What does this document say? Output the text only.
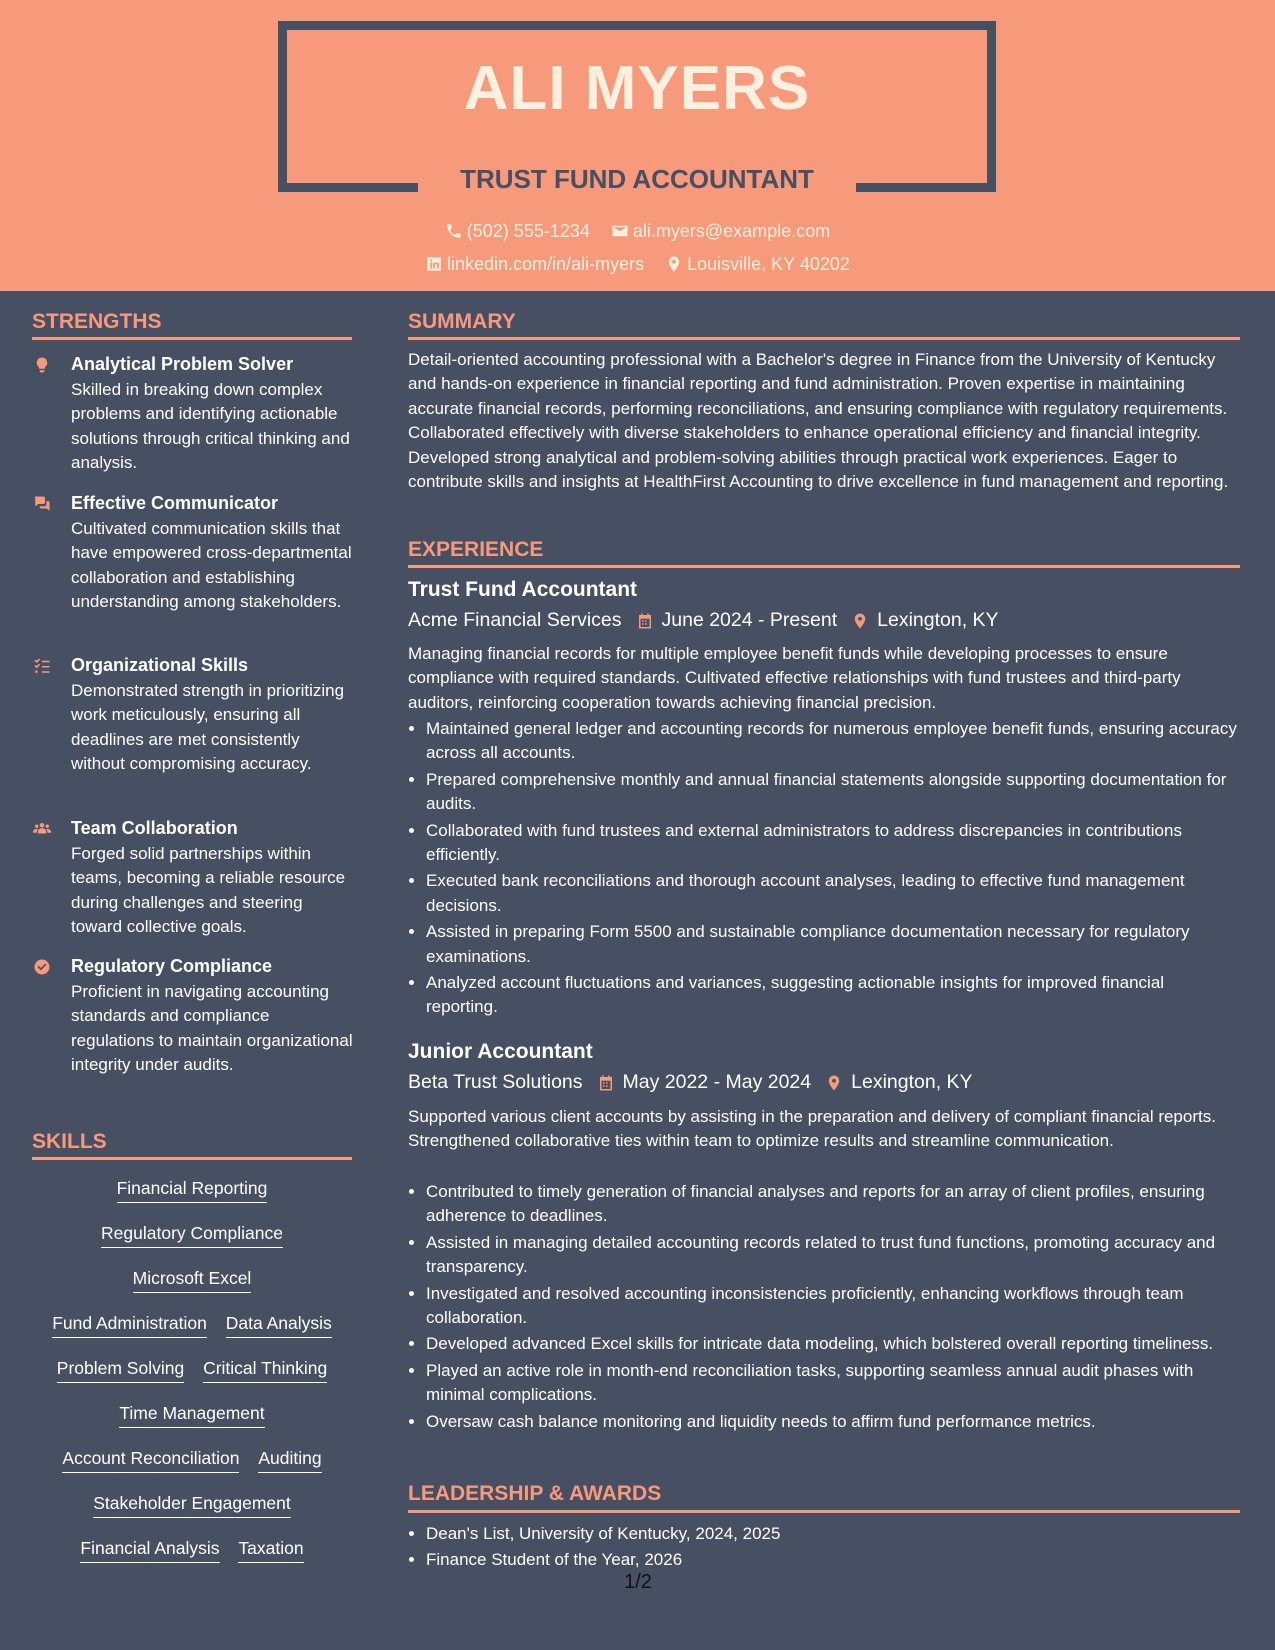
ALI MYERS
TRUST FUND ACCOUNTANT
(502) 555-1234
ali.myers@example.com
linkedin.com/in/ali-myers
Louisville, KY 40202
STRENGTHS
Analytical Problem Solver
Skilled in breaking down complex problems and identifying actionable solutions through critical thinking and analysis.
Effective Communicator
Cultivated communication skills that have empowered cross-departmental collaboration and establishing understanding among stakeholders.
Organizational Skills
Demonstrated strength in prioritizing work meticulously, ensuring all deadlines are met consistently without compromising accuracy.
Team Collaboration
Forged solid partnerships within teams, becoming a reliable resource during challenges and steering toward collective goals.
Regulatory Compliance
Proficient in navigating accounting standards and compliance regulations to maintain organizational integrity under audits.
SKILLS
Financial Reporting
Regulatory Compliance
Microsoft Excel
Fund Administration Data Analysis
Problem Solving Critical Thinking
Time Management
Account Reconciliation Auditing
Stakeholder Engagement
Financial Analysis Taxation
SUMMARY

Detail-oriented accounting professional with a Bachelor's degree in Finance from the University of Kentucky and hands-on experience in financial reporting and fund administration. Proven expertise in maintaining accurate financial records, performing reconciliations, and ensuring compliance with regulatory requirements. Collaborated effectively with diverse stakeholders to enhance operational efficiency and financial integrity. Developed strong analytical and problem-solving abilities through practical work experiences. Eager to contribute skills and insights at HealthFirst Accounting to drive excellence in fund management and reporting.

EXPERIENCE
Trust Fund Accountant
Acme Financial Services June 2024 - Present Lexington, KY

Managing financial records for multiple employee benefit funds while developing processes to ensure compliance with required standards. Cultivated effective relationships with fund trustees and third-party auditors, reinforcing cooperation towards achieving financial precision.

• Maintained general ledger and accounting records for numerous employee benefit funds, ensuring accuracy across all accounts.
• Prepared comprehensive monthly and annual financial statements alongside supporting documentation for audits.
• Collaborated with fund trustees and external administrators to address discrepancies in contributions efficiently.
• Executed bank reconciliations and thorough account analyses, leading to effective fund management decisions.
• Assisted in preparing Form 5500 and sustainable compliance documentation necessary for regulatory examinations.
• Analyzed account fluctuations and variances, suggesting actionable insights for improved financial reporting.
Junior Accountant
Beta Trust Solutions May 2022 - May 2024 Lexington, KY

Supported various client accounts by assisting in the preparation and delivery of compliant financial reports. Strengthened collaborative ties within team to optimize results and streamline communication.

• Contributed to timely generation of financial analyses and reports for an array of client profiles, ensuring adherence to deadlines.
• Assisted in managing detailed accounting records related to trust fund functions, promoting accuracy and transparency.
• Investigated and resolved accounting inconsistencies proficiently, enhancing workflows through team collaboration.
• Developed advanced Excel skills for intricate data modeling, which bolstered overall reporting timeliness.
• Played an active role in month-end reconciliation tasks, supporting seamless annual audit phases with minimal complications.
• Oversaw cash balance monitoring and liquidity needs to affirm fund performance metrics.
LEADERSHIP & AWARDS
• Dean's List, University of Kentucky, 2024, 2025
• Finance Student of the Year, 2026
1/2
